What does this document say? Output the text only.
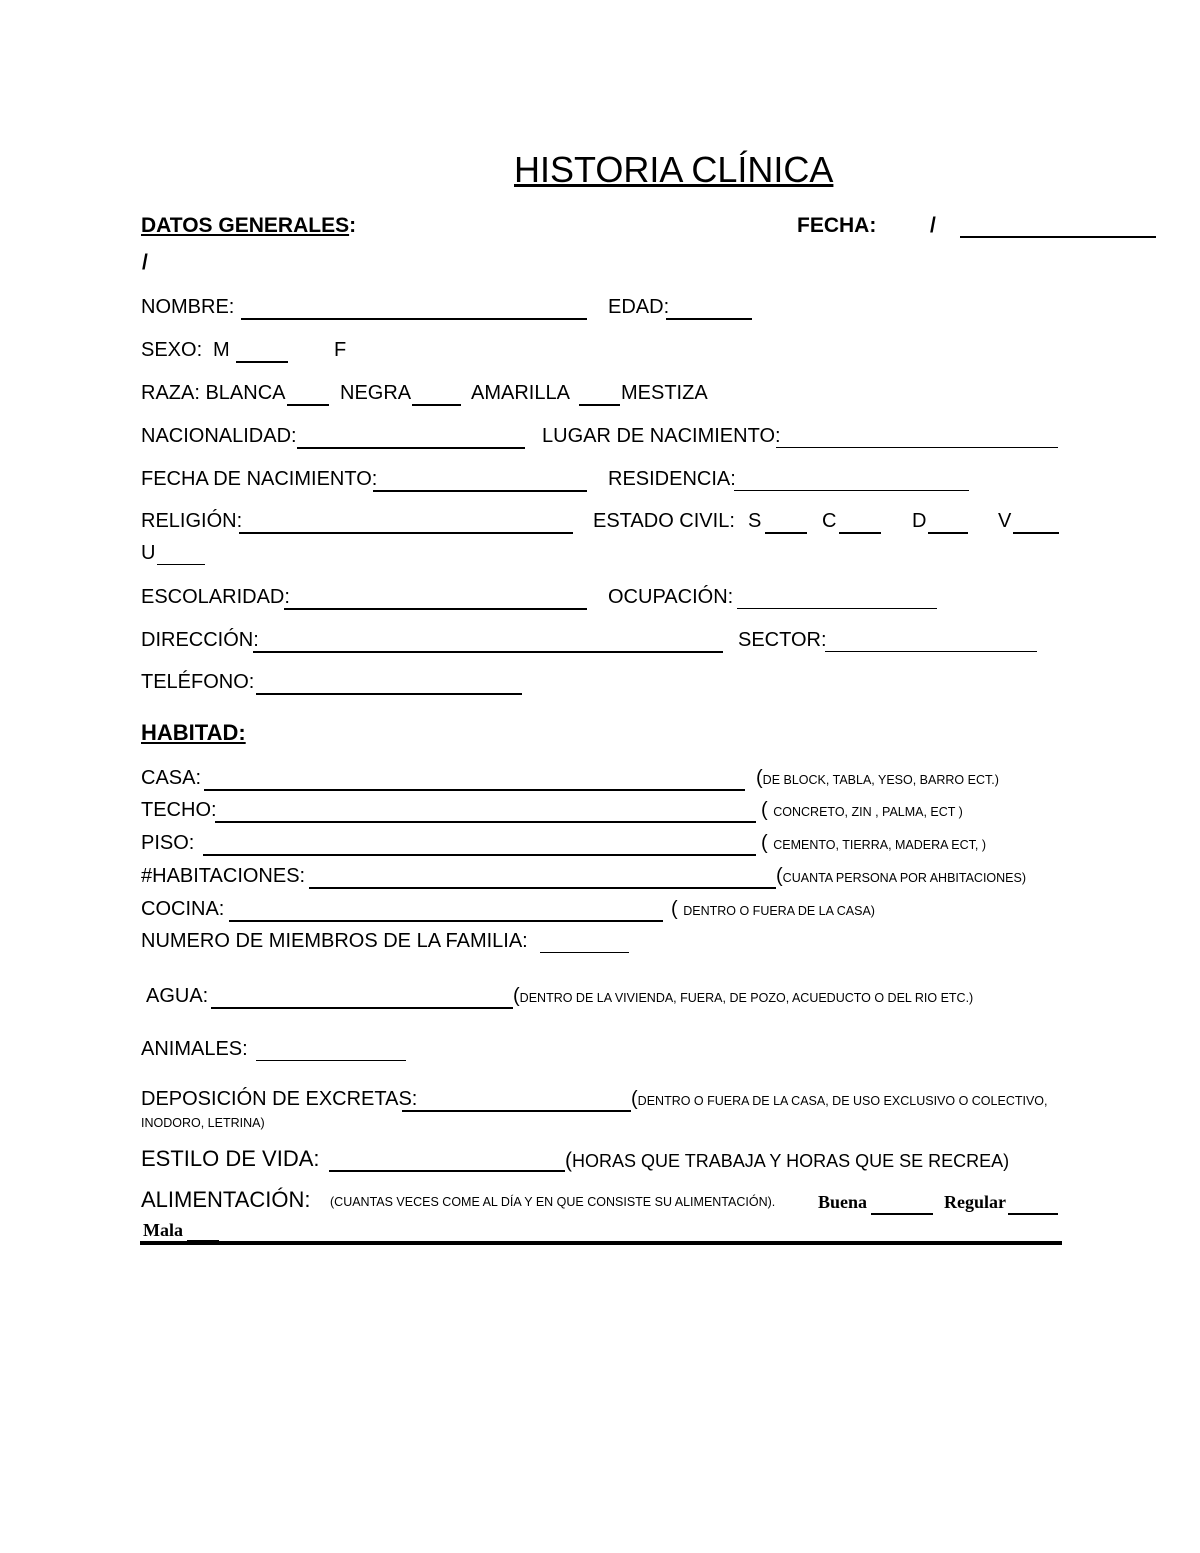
HISTORIA CLÍNICA
DATOS GENERALES:	FECHA:	/
/
NOMBRE:	EDAD:
SEXO: M	F
RAZA: BLANCA	NEGRA	AMARILLA	MESTIZA
NACIONALIDAD:	LUGAR DE NACIMIENTO:
FECHA DE NACIMIENTO:	RESIDENCIA:
RELIGIÓN:	ESTADO CIVIL: S	C	D	V
U
ESCOLARIDAD:	OCUPACIÓN:
DIRECCIÓN:	SECTOR:
TELÉFONO:
HABITAD:
CASA:	(DE BLOCK, TABLA, YESO, BARRO ECT.)
TECHO:	( CONCRETO, ZIN , PALMA, ECT )
PISO:	( CEMENTO, TIERRA, MADERA ECT, )
#HABITACIONES:	(CUANTA PERSONA POR AHBITACIONES)
COCINA:	( DENTRO O FUERA DE LA CASA)
NUMERO DE MIEMBROS DE LA FAMILIA:
AGUA:	(DENTRO DE LA VIVIENDA, FUERA, DE POZO, ACUEDUCTO O DEL RIO ETC.)
ANIMALES:
DEPOSICIÓN DE EXCRETAS:	(DENTRO O FUERA DE LA CASA, DE USO EXCLUSIVO O COLECTIVO,
INODORO, LETRINA)
ESTILO DE VIDA:	(HORAS QUE TRABAJA Y HORAS QUE SE RECREA)
ALIMENTACIÓN: (CUANTAS VECES COME AL DÍA Y EN QUE CONSISTE SU ALIMENTACIÓN). Buena	Regular
Mala
